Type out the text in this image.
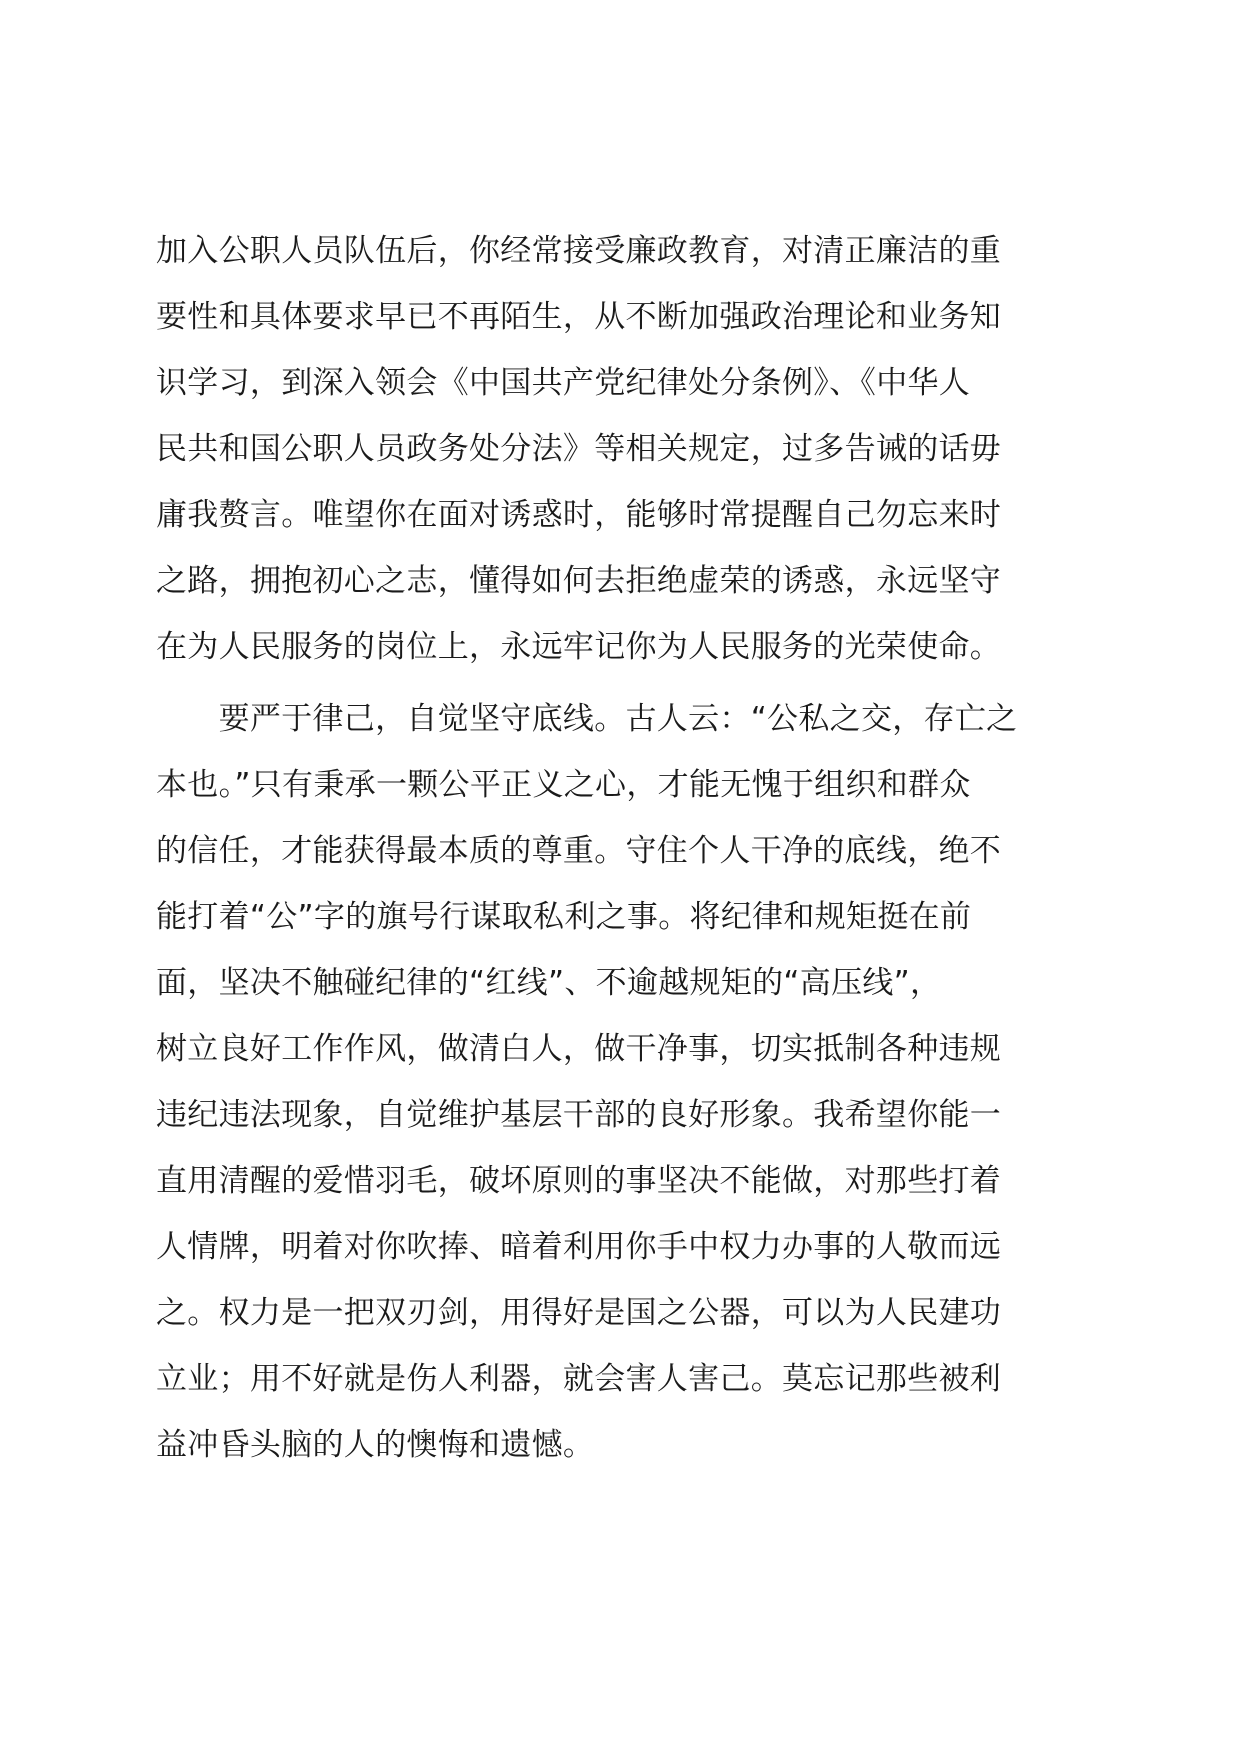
加入公职人员队伍后，你经常接受廉政教育，对清正廉洁的重
要性和具体要求早已不再陌生，从不断加强政治理论和业务知
识学习，到深入领会《中国共产党纪律处分条例》、《中华人
民共和国公职人员政务处分法》等相关规定，过多告诫的话毋
庸我赘言。唯望你在面对诱惑时，能够时常提醒自己勿忘来时
之路，拥抱初心之志，懂得如何去拒绝虚荣的诱惑，永远坚守
在为人民服务的岗位上，永远牢记你为人民服务的光荣使命。
　　要严于律己，自觉坚守底线。古人云：“公私之交，存亡之
本也。”只有秉承一颗公平正义之心，才能无愧于组织和群众
的信任，才能获得最本质的尊重。守住个人干净的底线，绝不
能打着“公”字的旗号行谋取私利之事。将纪律和规矩挺在前
面，坚决不触碰纪律的“红线”、不逾越规矩的“高压线”，
树立良好工作作风，做清白人，做干净事，切实抵制各种违规
违纪违法现象，自觉维护基层干部的良好形象。我希望你能一
直用清醒的爱惜羽毛，破坏原则的事坚决不能做，对那些打着
人情牌，明着对你吹捧、暗着利用你手中权力办事的人敬而远
之。权力是一把双刃剑，用得好是国之公器，可以为人民建功
立业；用不好就是伤人利器，就会害人害己。莫忘记那些被利
益冲昏头脑的人的懊悔和遗憾。
